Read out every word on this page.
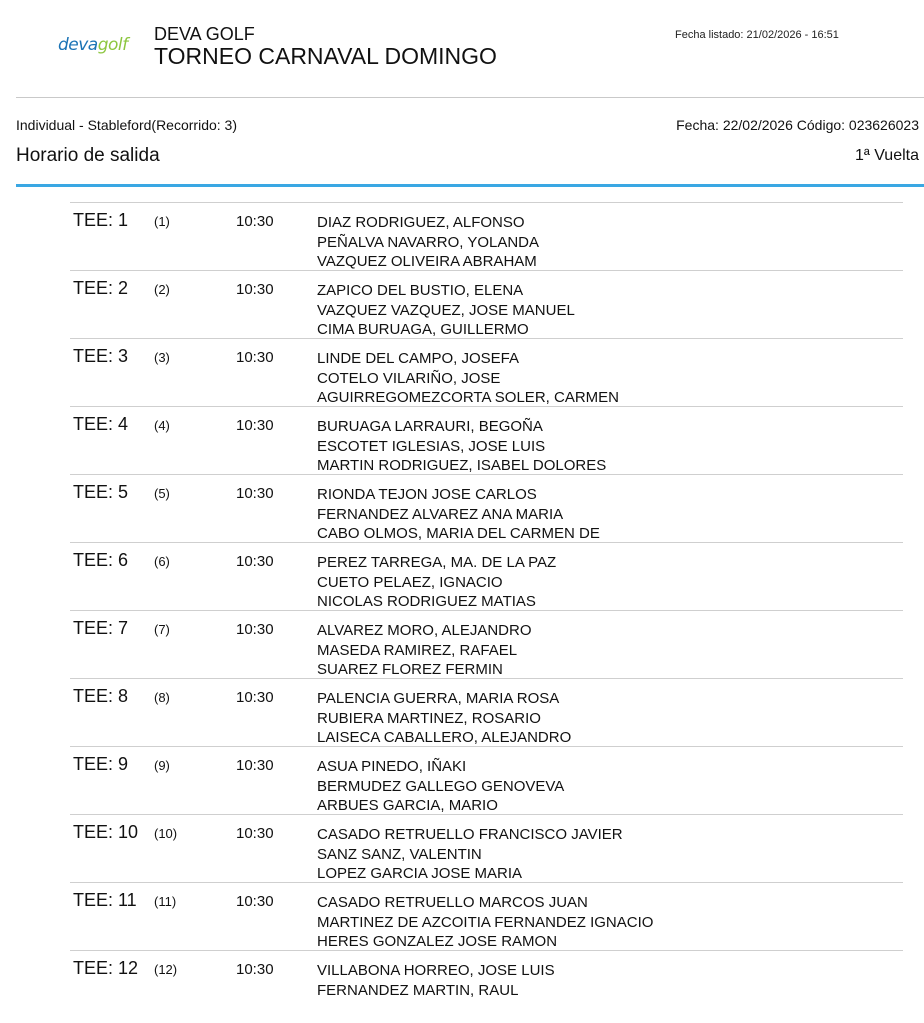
devagolf
DEVA GOLF
TORNEO CARNAVAL DOMINGO
Fecha listado: 21/02/2026 - 16:51
Individual - Stableford(Recorrido: 3)	Fecha: 22/02/2026 Código: 023626023
Horario de salida	1ª Vuelta
TEE: 1 (1)	10:30	DIAZ RODRIGUEZ, ALFONSO
PEÑALVA NAVARRO, YOLANDA
VAZQUEZ OLIVEIRA ABRAHAM
TEE: 2 (2)	10:30	ZAPICO DEL BUSTIO, ELENA
VAZQUEZ VAZQUEZ, JOSE MANUEL
CIMA BURUAGA, GUILLERMO
TEE: 3 (3)	10:30	LINDE DEL CAMPO, JOSEFA
COTELO VILARIÑO, JOSE
AGUIRREGOMEZCORTA SOLER, CARMEN
TEE: 4 (4)	10:30	BURUAGA LARRAURI, BEGOÑA
ESCOTET IGLESIAS, JOSE LUIS
MARTIN RODRIGUEZ, ISABEL DOLORES
TEE: 5 (5)	10:30	RIONDA TEJON JOSE CARLOS
FERNANDEZ ALVAREZ ANA MARIA
CABO OLMOS, MARIA DEL CARMEN DE
TEE: 6 (6)	10:30	PEREZ TARREGA, MA. DE LA PAZ
CUETO PELAEZ, IGNACIO
NICOLAS RODRIGUEZ MATIAS
TEE: 7 (7)	10:30	ALVAREZ MORO, ALEJANDRO
MASEDA RAMIREZ, RAFAEL
SUAREZ FLOREZ FERMIN
TEE: 8 (8)	10:30	PALENCIA GUERRA, MARIA ROSA
RUBIERA MARTINEZ, ROSARIO
LAISECA CABALLERO, ALEJANDRO
TEE: 9 (9)	10:30	ASUA PINEDO, IÑAKI
BERMUDEZ GALLEGO GENOVEVA
ARBUES GARCIA, MARIO
TEE: 10 (10)	10:30	CASADO RETRUELLO FRANCISCO JAVIER
SANZ SANZ, VALENTIN
LOPEZ GARCIA JOSE MARIA
TEE: 11 (11)	10:30	CASADO RETRUELLO MARCOS JUAN
MARTINEZ DE AZCOITIA FERNANDEZ IGNACIO
HERES GONZALEZ JOSE RAMON
TEE: 12 (12)	10:30	VILLABONA HORREO, JOSE LUIS
FERNANDEZ MARTIN, RAUL
